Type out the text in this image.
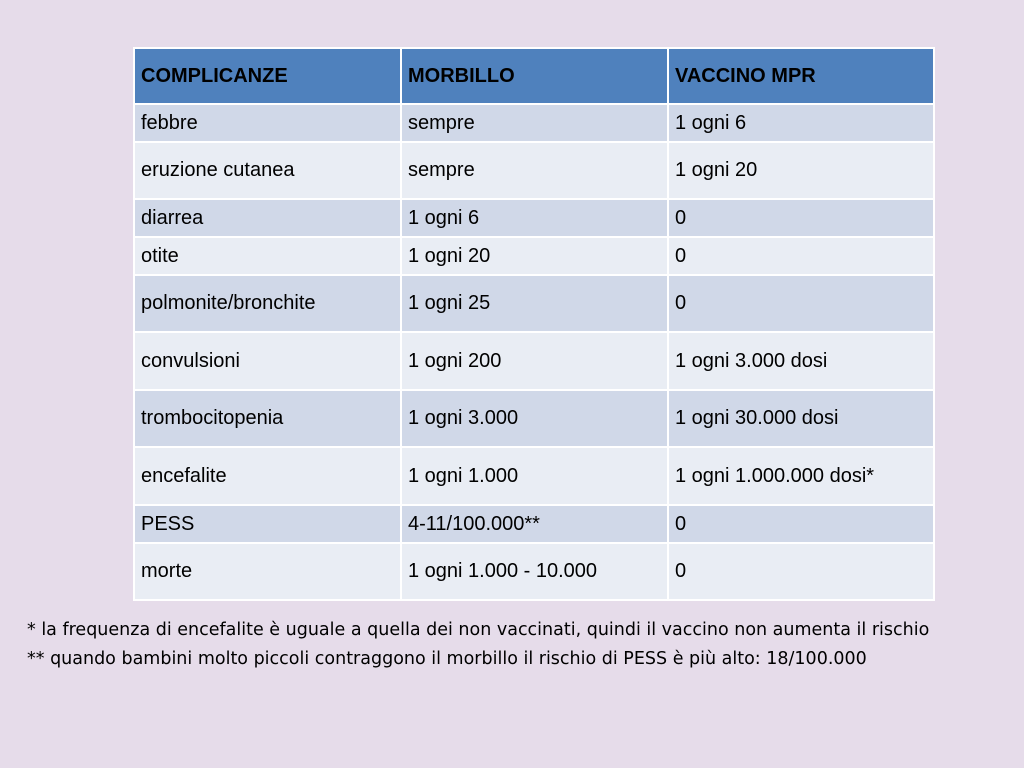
COMPLICANZE	MORBILLO	VACCINO MPR
febbre	sempre	1 ogni 6
eruzione cutanea	sempre	1 ogni 20
diarrea	1 ogni 6	0
otite	1 ogni 20	0
polmonite/bronchite	1 ogni 25	0
convulsioni	1 ogni 200	1 ogni 3.000 dosi
trombocitopenia	1 ogni 3.000	1 ogni 30.000 dosi
encefalite	1 ogni 1.000	1 ogni 1.000.000 dosi*
PESS	4-11/100.000**	0
morte	1 ogni 1.000 - 10.000	0

* la frequenza di encefalite è uguale a quella dei non vaccinati, quindi il vaccino non aumenta il rischio

** quando bambini molto piccoli contraggono il morbillo il rischio di PESS è più alto: 18/100.000
